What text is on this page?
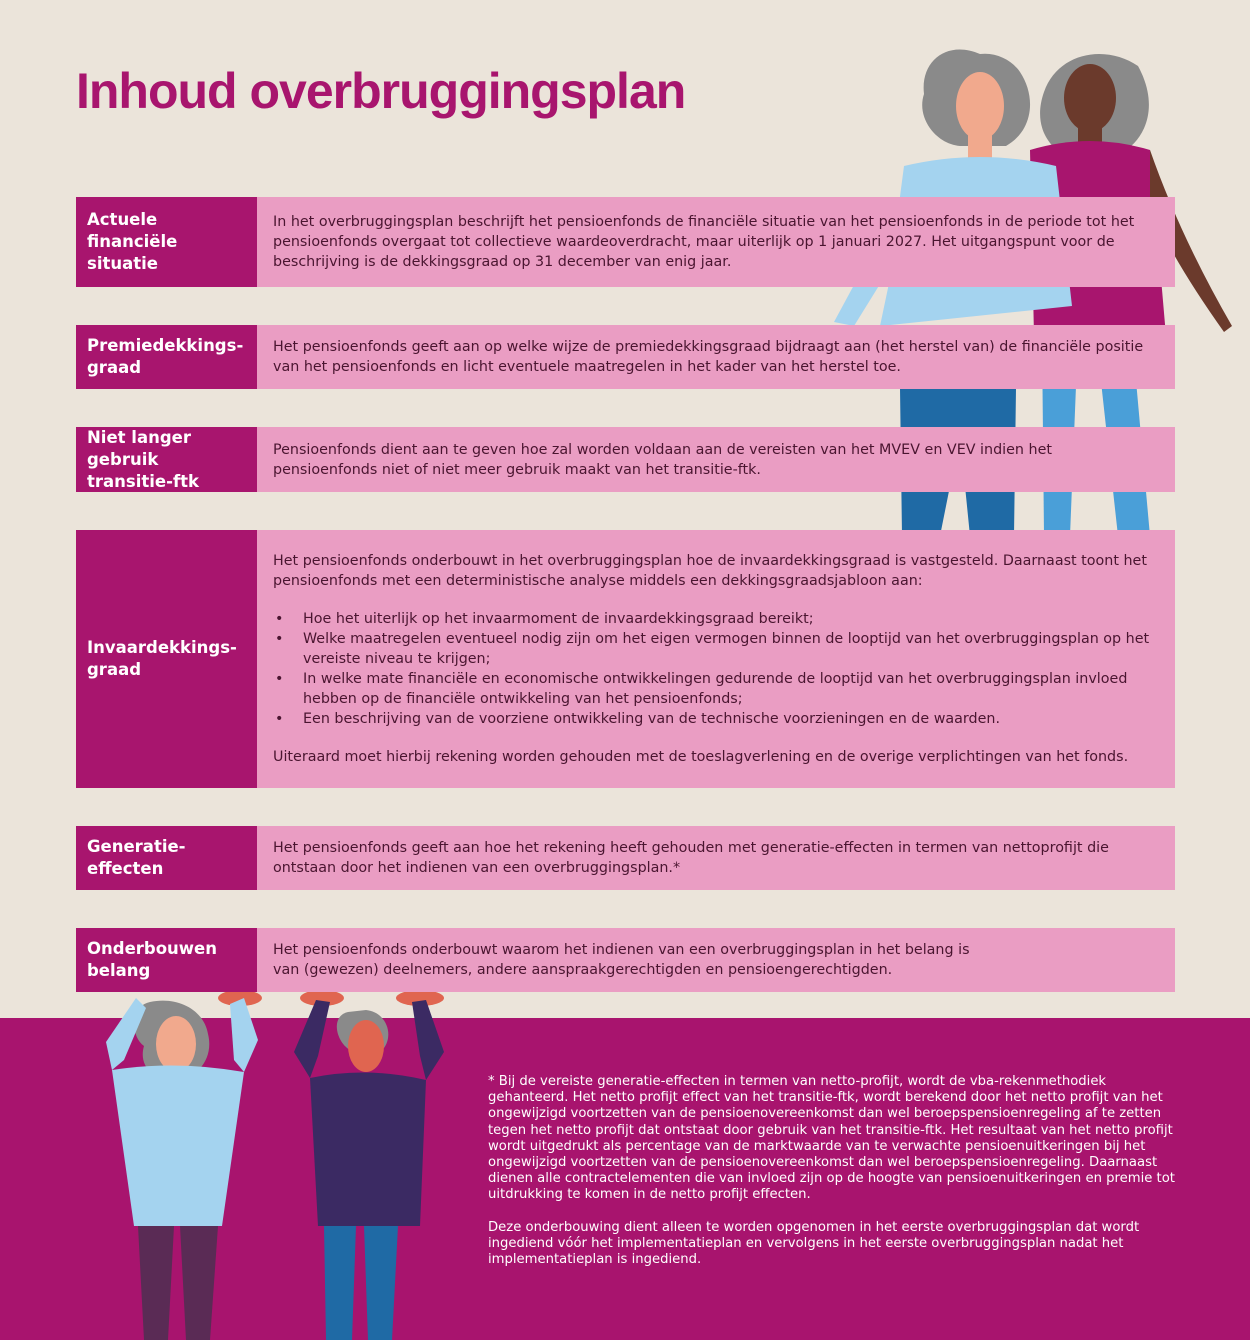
Inhoud overbruggingsplan
Actuele financiële situatie

In het overbruggingsplan beschrijft het pensioenfonds de financiële situatie van het pensioenfonds in de periode tot het pensioenfonds overgaat tot collectieve waardeoverdracht, maar uiterlijk op 1 januari 2027. Het uitgangspunt voor de beschrijving is de dekkingsgraad op 31 december van enig jaar.

Premiedekkings-graad

Het pensioenfonds geeft aan op welke wijze de premiedekkingsgraad bijdraagt aan (het herstel van) de financiële positie van het pensioenfonds en licht eventuele maatregelen in het kader van het herstel toe.

Niet langer gebruik transitie-ftk

Pensioenfonds dient aan te geven hoe zal worden voldaan aan de vereisten van het MVEV en VEV indien het pensioenfonds niet of niet meer gebruik maakt van het transitie-ftk.

Invaardekkings-graad

Het pensioenfonds onderbouwt in het overbruggingsplan hoe de invaardekkingsgraad is vastgesteld. Daarnaast toont het pensioenfonds met een deterministische analyse middels een dekkingsgraadsjabloon aan:

• Hoe het uiterlijk op het invaarmoment de invaardekkingsgraad bereikt;
• Welke maatregelen eventueel nodig zijn om het eigen vermogen binnen de looptijd van het overbruggingsplan op het vereiste niveau te krijgen;
• In welke mate financiële en economische ontwikkelingen gedurende de looptijd van het overbruggingsplan invloed hebben op de financiële ontwikkeling van het pensioenfonds;
• Een beschrijving van de voorziene ontwikkeling van de technische voorzieningen en de waarden.

Uiteraard moet hierbij rekening worden gehouden met de toeslagverlening en de overige verplichtingen van het fonds.

Generatie-effecten

Het pensioenfonds geeft aan hoe het rekening heeft gehouden met generatie-effecten in termen van nettoprofijt die ontstaan door het indienen van een overbruggingsplan.*

Onderbouwen belang

Het pensioenfonds onderbouwt waarom het indienen van een overbruggingsplan in het belang is van (gewezen) deelnemers, andere aanspraakgerechtigden en pensioengerechtigden.

* Bij de vereiste generatie-effecten in termen van netto-profijt, wordt de vba-rekenmethodiek gehanteerd. Het netto profijt effect van het transitie-ftk, wordt berekend door het netto profijt van het ongewijzigd voortzetten van de pensioenovereenkomst dan wel beroepspensioenregeling af te zetten tegen het netto profijt dat ontstaat door gebruik van het transitie-ftk. Het resultaat van het netto profijt wordt uitgedrukt als percentage van de marktwaarde van te verwachte pensioenuitkeringen bij het ongewijzigd voortzetten van de pensioenovereenkomst dan wel beroepspensioenregeling. Daarnaast dienen alle contractelementen die van invloed zijn op de hoogte van pensioenuitkeringen en premie tot uitdrukking te komen in de netto profijt effecten.

Deze onderbouwing dient alleen te worden opgenomen in het eerste overbruggingsplan dat wordt ingediend vóór het implementatieplan en vervolgens in het eerste overbruggingsplan nadat het implementatieplan is ingediend.
